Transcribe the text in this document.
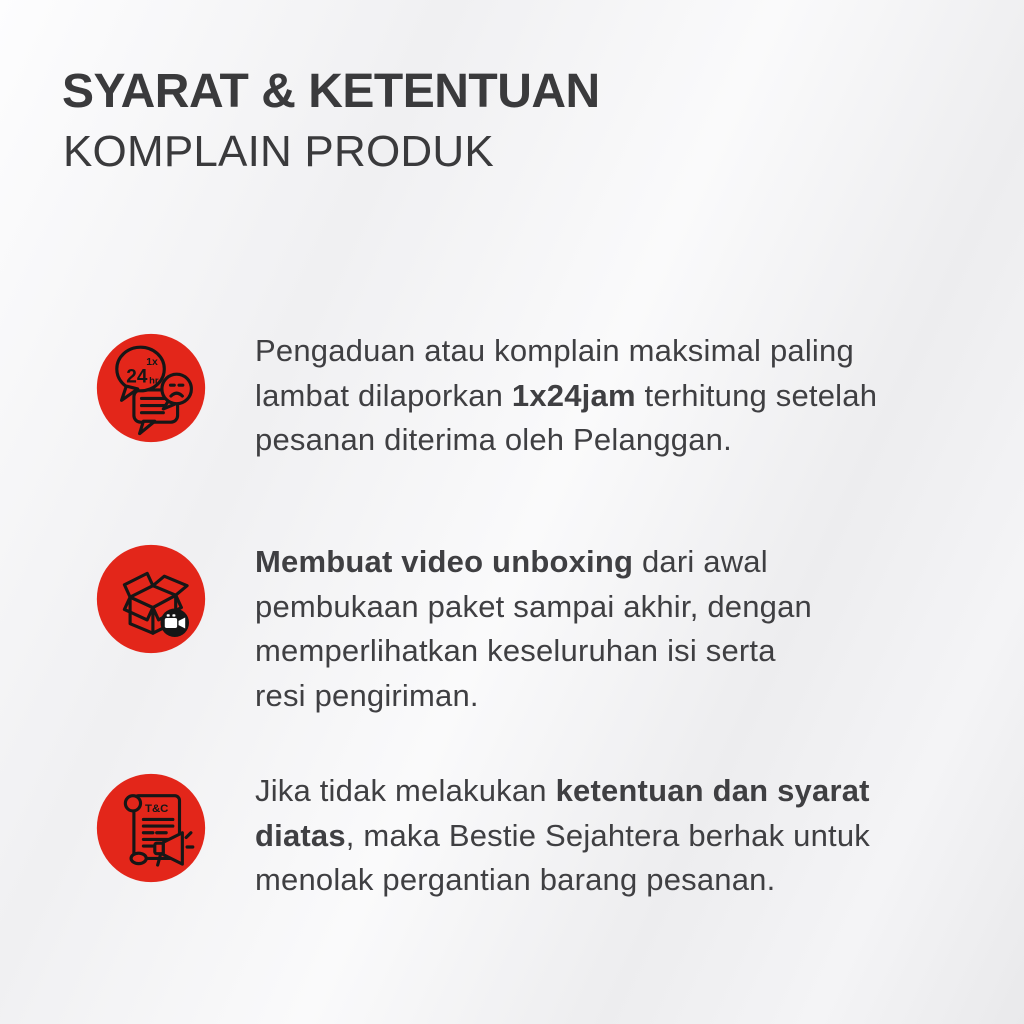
SYARAT & KETENTUAN
KOMPLAIN PRODUK
1x
24 hr
Pengaduan atau komplain maksimal paling
lambat dilaporkan 1x24jam terhitung setelah
pesanan diterima oleh Pelanggan.
Membuat video unboxing dari awal
pembukaan paket sampai akhir, dengan
memperlihatkan keseluruhan isi serta
resi pengiriman.
T&C
Jika tidak melakukan ketentuan dan syarat
diatas, maka Bestie Sejahtera berhak untuk
menolak pergantian barang pesanan.
